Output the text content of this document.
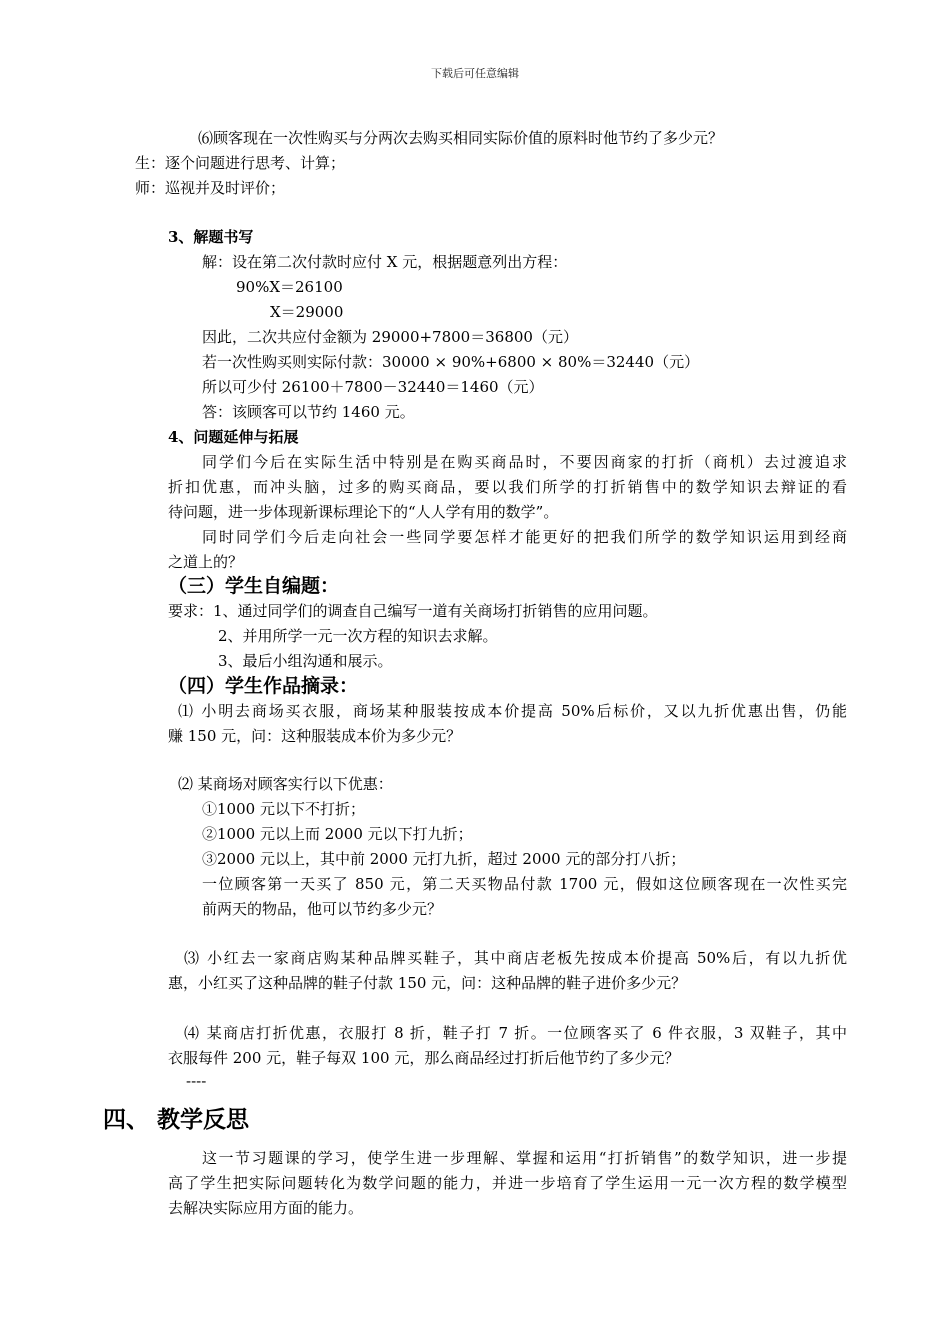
下载后可任意编辑
⑹顾客现在一次性购买与分两次去购买相同实际价值的原料时他节约了多少元？
生：逐个问题进行思考、计算；
师：巡视并及时评价；
3、解题书写
解：设在第二次付款时应付 X 元，根据题意列出方程：
90%X＝26100
X＝29000
因此，二次共应付金额为 29000+7800＝36800（元）
若一次性购买则实际付款：30000 × 90%+6800 × 80%＝32440（元）
所以可少付 26100＋7800－32440＝1460（元）
答：该顾客可以节约 1460 元。
4、问题延伸与拓展
同学们今后在实际生活中特别是在购买商品时，不要因商家的打折（商机）去过渡追求
折扣优惠，而冲头脑，过多的购买商品，要以我们所学的打折销售中的数学知识去辩证的看
待问题，进一步体现新课标理论下的“人人学有用的数学”。
同时同学们今后走向社会一些同学要怎样才能更好的把我们所学的数学知识运用到经商
之道上的？
（三）学生自编题：
要求：1、通过同学们的调查自己编写一道有关商场打折销售的应用问题。
2、并用所学一元一次方程的知识去求解。
3、最后小组沟通和展示。
（四）学生作品摘录：
⑴ 小明去商场买衣服，商场某种服装按成本价提高 50%后标价，又以九折优惠出售，仍能
赚 150 元，问：这种服装成本价为多少元？
⑵ 某商场对顾客实行以下优惠：
①1000 元以下不打折；
②1000 元以上而 2000 元以下打九折；
③2000 元以上，其中前 2000 元打九折，超过 2000 元的部分打八折；
一位顾客第一天买了 850 元，第二天买物品付款 1700 元，假如这位顾客现在一次性买完
前两天的物品，他可以节约多少元？
⑶ 小红去一家商店购某种品牌买鞋子，其中商店老板先按成本价提高 50%后，有以九折优
惠，小红买了这种品牌的鞋子付款 150 元，问：这种品牌的鞋子进价多少元？
⑷ 某商店打折优惠，衣服打 8 折，鞋子打 7 折。一位顾客买了 6 件衣服，3 双鞋子，其中
衣服每件 200 元，鞋子每双 100 元，那么商品经过打折后他节约了多少元？
----
四、 教学反思
这一节习题课的学习，使学生进一步理解、掌握和运用“打折销售”的数学知识，进一步提
高了学生把实际问题转化为数学问题的能力，并进一步培育了学生运用一元一次方程的数学模型
去解决实际应用方面的能力。
